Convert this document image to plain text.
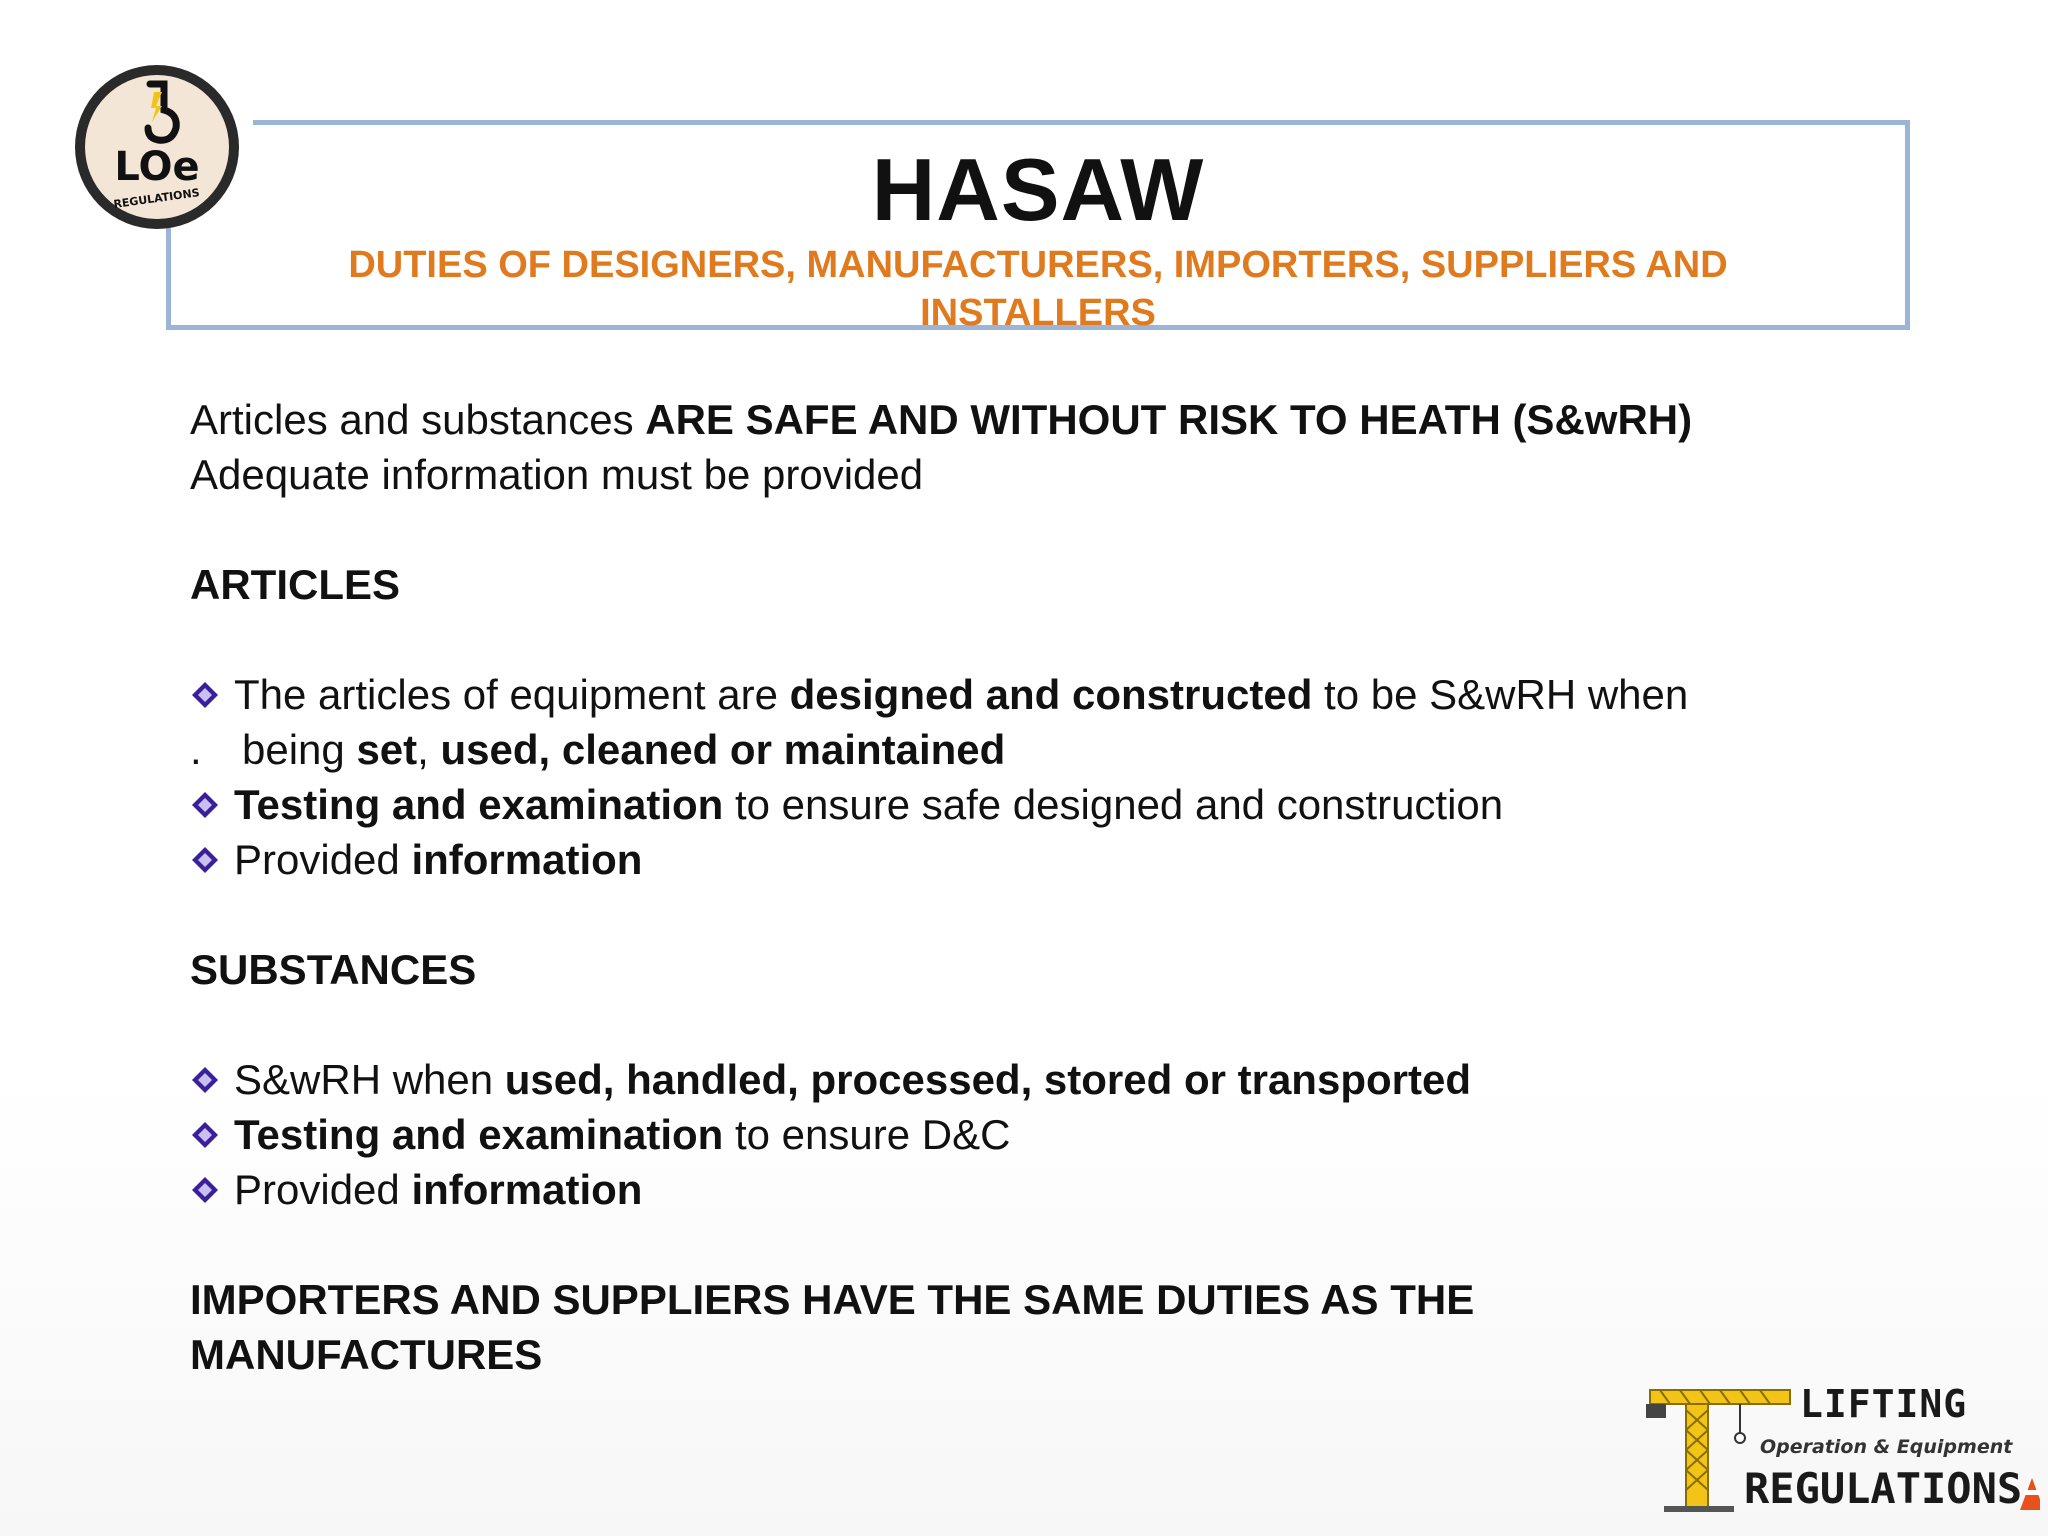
HASAW
DUTIES OF DESIGNERS, MANUFACTURERS, IMPORTERS, SUPPLIERS AND INSTALLERS
LOe
REGULATIONS
Articles and substances ARE SAFE AND WITHOUT RISK TO HEATH (S&wRH)
Adequate information must be provided
ARTICLES
The articles of equipment are designed and constructed to be S&wRH when
. being set, used, cleaned or maintained
Testing and examination to ensure safe designed and construction
Provided information
SUBSTANCES
S&wRH when used, handled, processed, stored or transported
Testing and examination to ensure D&C
Provided information
IMPORTERS AND SUPPLIERS HAVE THE SAME DUTIES AS THE
MANUFACTURES
LIFTING
Operation & Equipment
REGULATIONS
